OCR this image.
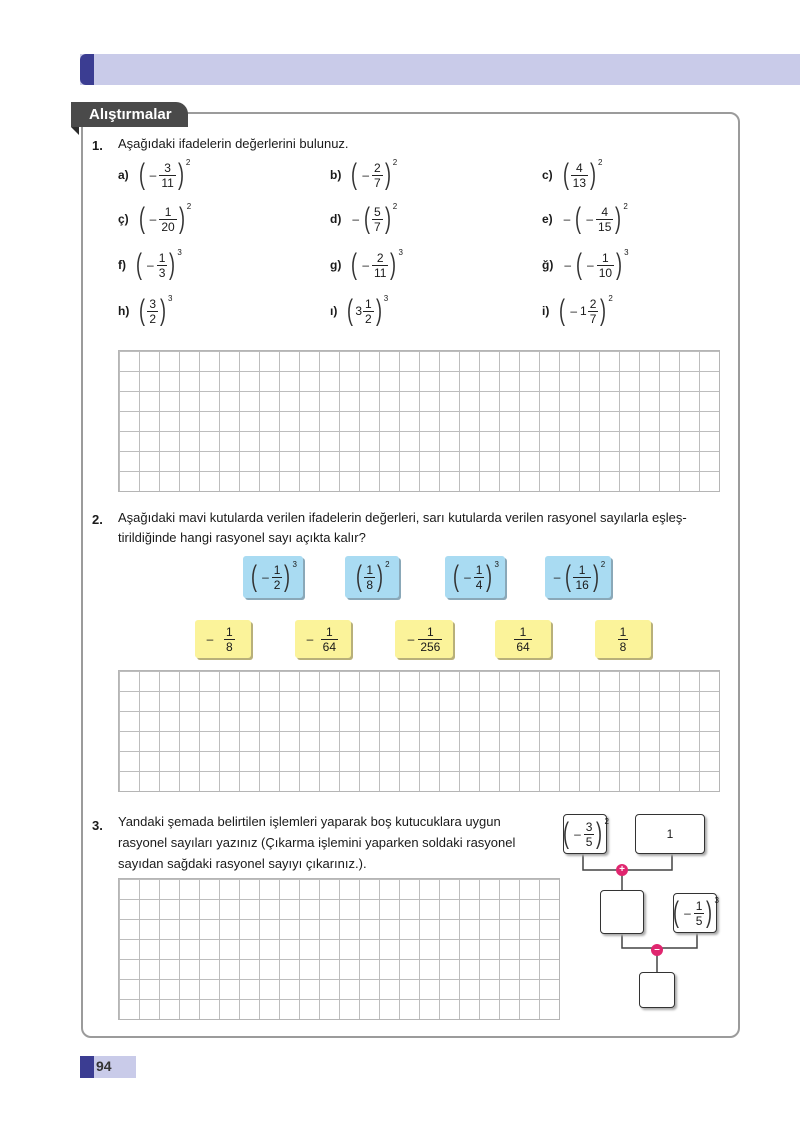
Alıştırmalar
1. Aşağıdaki ifadelerin değerlerini bulunuz.
a) ( – $\frac{3}{11}$ ) 2
b) ( – $\frac{2}{7}$ ) 2
c) ( $\frac{4}{13}$ ) 2
ç) ( – $\frac{1}{20}$ ) 2
d) – ( $\frac{5}{7}$ ) 2
e) – ( – $\frac{4}{15}$ ) 2
f) ( – $\frac{1}{3}$ ) 3
g) ( – $\frac{2}{11}$ ) 3
ğ) – ( – $\frac{1}{10}$ ) 3
h) ( $\frac{3}{2}$ ) 3
ı) ( $3 \frac{1}{2}$ ) 3
i) ( – $1 \frac{2}{7}$ ) 2
2. Aşağıdaki mavi kutularda verilen ifadelerin değerleri, sarı kutularda verilen rasyonel sayılarla eşleş-
tirildiğinde hangi rasyonel sayı açıkta kalır?
( – $\frac{1}{2}$ ) 3 ( $\frac{1}{8}$ ) 2 ( – $\frac{1}{4}$ ) 3
– ( $\frac{1}{16}$ ) 2
– $\frac{1}{8}$	– $\frac{1}{64}$	– $\frac{1}{256}$	$\frac{1}{64}$	$\frac{1}{8}$
3. Yandaki şemada belirtilen işlemleri yaparak boş kutucuklara uygun
rasyonel sayıları yazınız (Çıkarma işlemini yaparken soldaki rasyonel
sayıdan sağdaki rasyonel sayıyı çıkarınız.).
( – $\frac{3}{5}$ ) 2
1
( – $\frac{1}{5}$ ) 3
+
–
94
